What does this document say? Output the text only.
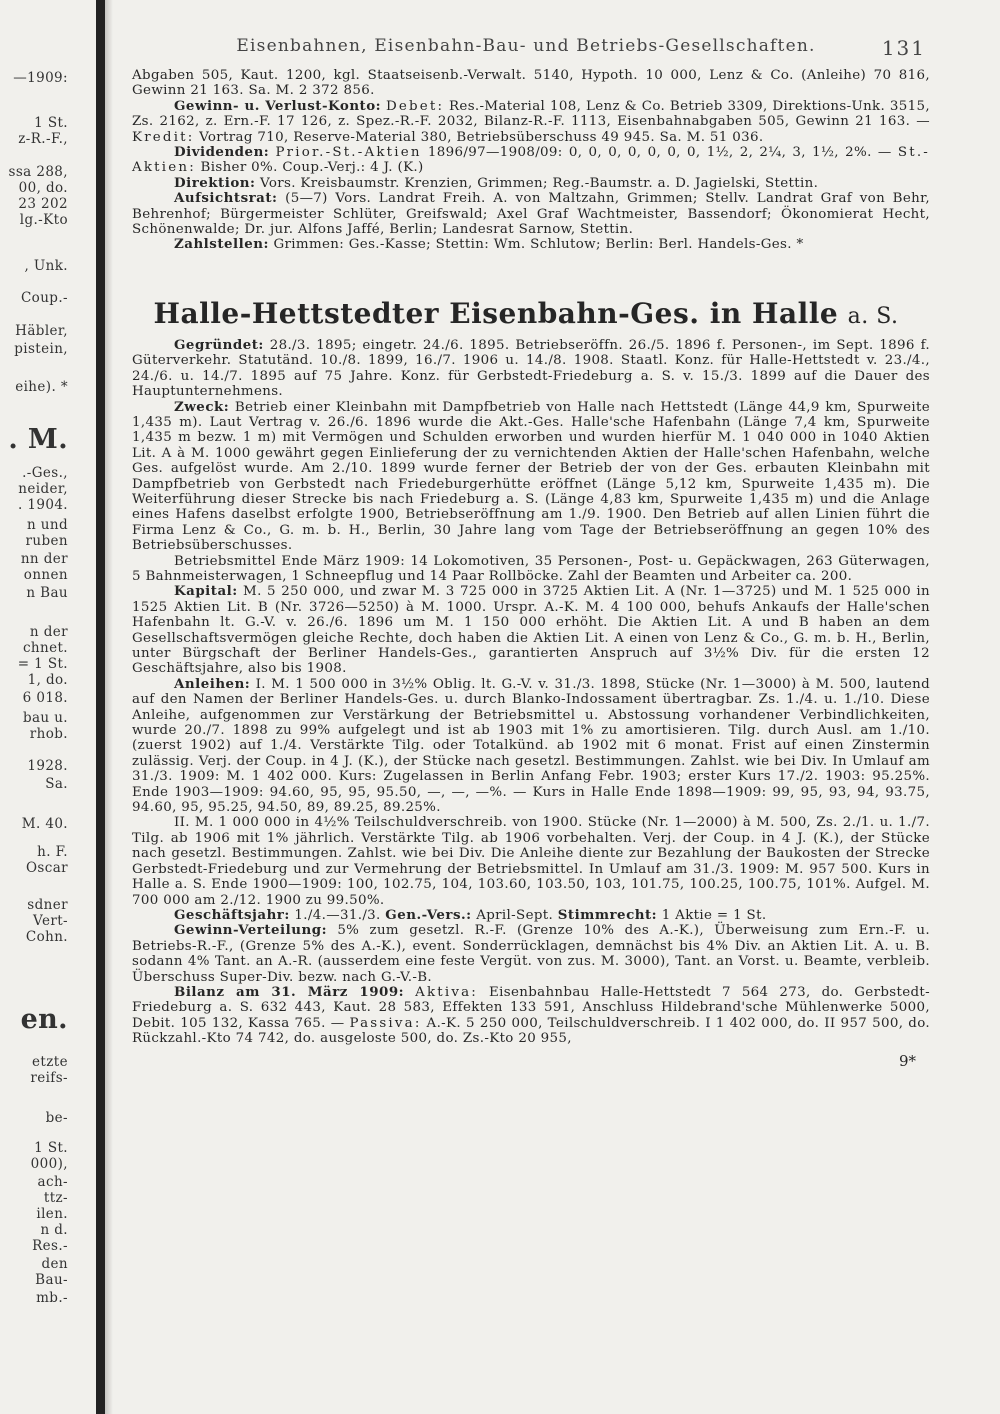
—1909:
1 St.
z-R.-F.,
ssa 288,
00, do.
23 202
lg.-Kto
, Unk.
Coup.-
Häbler,
pistein,
eihe). *
. M.
.-Ges.,
neider,
. 1904.
n und
ruben
nn der
onnen
n Bau
n der
chnet.
= 1 St.
1, do.
6 018.
bau u.
rhob.
1928.
Sa.
M. 40.
h. F.
Oscar
sdner
Vert-
Cohn.
en.
etzte
reifs-
be-
1 St.
000),
ach-
ttz-
ilen.
n d.
Res.-
den
Bau-
mb.-
Eisenbahnen, Eisenbahn-Bau- und Betriebs-Gesellschaften.	131

Abgaben 505, Kaut. 1200, kgl. Staatseisenb.-Verwalt. 5140, Hypoth. 10 000, Lenz & Co. (Anleihe) 70 816, Gewinn 21 163. Sa. M. 2 372 856.

Gewinn- u. Verlust-Konto: Debet: Res.-Material 108, Lenz & Co. Betrieb 3309, Direktions-Unk. 3515, Zs. 2162, z. Ern.-F. 17 126, z. Spez.-R.-F. 2032, Bilanz-R.-F. 1113, Eisenbahnabgaben 505, Gewinn 21 163. — Kredit: Vortrag 710, Reserve-Material 380, Betriebsüberschuss 49 945. Sa. M. 51 036.

Dividenden: Prior.-St.-Aktien 1896/97—1908/09: 0, 0, 0, 0, 0, 0, 0, 1½, 2, 2¼, 3, 1½, 2%. — St.-Aktien: Bisher 0%. Coup.-Verj.: 4 J. (K.)

Direktion: Vors. Kreisbaumstr. Krenzien, Grimmen; Reg.-Baumstr. a. D. Jagielski, Stettin.

Aufsichtsrat: (5—7) Vors. Landrat Freih. A. von Maltzahn, Grimmen; Stellv. Landrat Graf von Behr, Behrenhof; Bürgermeister Schlüter, Greifswald; Axel Graf Wachtmeister, Bassendorf; Ökonomierat Hecht, Schönenwalde; Dr. jur. Alfons Jaffé, Berlin; Landesrat Sarnow, Stettin.

Zahlstellen: Grimmen: Ges.-Kasse; Stettin: Wm. Schlutow; Berlin: Berl. Handels-Ges. *

Halle-Hettstedter Eisenbahn-Ges. in Halle a. S.

Gegründet: 28./3. 1895; eingetr. 24./6. 1895. Betriebseröffn. 26./5. 1896 f. Personen-, im Sept. 1896 f. Güterverkehr. Statutänd. 10./8. 1899, 16./7. 1906 u. 14./8. 1908. Staatl. Konz. für Halle-Hettstedt v. 23./4., 24./6. u. 14./7. 1895 auf 75 Jahre. Konz. für Gerbstedt-Friedeburg a. S. v. 15./3. 1899 auf die Dauer des Hauptunternehmens.

Zweck: Betrieb einer Kleinbahn mit Dampfbetrieb von Halle nach Hettstedt (Länge 44,9 km, Spurweite 1,435 m). Laut Vertrag v. 26./6. 1896 wurde die Akt.-Ges. Halle'sche Hafenbahn (Länge 7,4 km, Spurweite 1,435 m bezw. 1 m) mit Vermögen und Schulden erworben und wurden hierfür M. 1 040 000 in 1040 Aktien Lit. A à M. 1000 gewährt gegen Einlieferung der zu vernichtenden Aktien der Halle'schen Hafenbahn, welche Ges. aufgelöst wurde. Am 2./10. 1899 wurde ferner der Betrieb der von der Ges. erbauten Kleinbahn mit Dampfbetrieb von Gerbstedt nach Friedeburgerhütte eröffnet (Länge 5,12 km, Spurweite 1,435 m). Die Weiterführung dieser Strecke bis nach Friedeburg a. S. (Länge 4,83 km, Spurweite 1,435 m) und die Anlage eines Hafens daselbst erfolgte 1900, Betriebseröffnung am 1./9. 1900. Den Betrieb auf allen Linien führt die Firma Lenz & Co., G. m. b. H., Berlin, 30 Jahre lang vom Tage der Betriebseröffnung an gegen 10% des Betriebsüberschusses.

Betriebsmittel Ende März 1909: 14 Lokomotiven, 35 Personen-, Post- u. Gepäckwagen, 263 Güterwagen, 5 Bahnmeisterwagen, 1 Schneepflug und 14 Paar Rollböcke. Zahl der Beamten und Arbeiter ca. 200.

Kapital: M. 5 250 000, und zwar M. 3 725 000 in 3725 Aktien Lit. A (Nr. 1—3725) und M. 1 525 000 in 1525 Aktien Lit. B (Nr. 3726—5250) à M. 1000. Urspr. A.-K. M. 4 100 000, behufs Ankaufs der Halle'schen Hafenbahn lt. G.-V. v. 26./6. 1896 um M. 1 150 000 erhöht. Die Aktien Lit. A und B haben an dem Gesellschaftsvermögen gleiche Rechte, doch haben die Aktien Lit. A einen von Lenz & Co., G. m. b. H., Berlin, unter Bürgschaft der Berliner Handels-Ges., garantierten Anspruch auf 3½% Div. für die ersten 12 Geschäftsjahre, also bis 1908.

Anleihen: I. M. 1 500 000 in 3½% Oblig. lt. G.-V. v. 31./3. 1898, Stücke (Nr. 1—3000) à M. 500, lautend auf den Namen der Berliner Handels-Ges. u. durch Blanko-Indossament übertragbar. Zs. 1./4. u. 1./10. Diese Anleihe, aufgenommen zur Verstärkung der Betriebsmittel u. Abstossung vorhandener Verbindlichkeiten, wurde 20./7. 1898 zu 99% aufgelegt und ist ab 1903 mit 1% zu amortisieren. Tilg. durch Ausl. am 1./10. (zuerst 1902) auf 1./4. Verstärkte Tilg. oder Totalkünd. ab 1902 mit 6 monat. Frist auf einen Zinstermin zulässig. Verj. der Coup. in 4 J. (K.), der Stücke nach gesetzl. Bestimmungen. Zahlst. wie bei Div. In Umlauf am 31./3. 1909: M. 1 402 000. Kurs: Zugelassen in Berlin Anfang Febr. 1903; erster Kurs 17./2. 1903: 95.25%. Ende 1903—1909: 94.60, 95, 95, 95.50, —, —, —%. — Kurs in Halle Ende 1898—1909: 99, 95, 93, 94, 93.75, 94.60, 95, 95.25, 94.50, 89, 89.25, 89.25%.

II. M. 1 000 000 in 4½% Teilschuldverschreib. von 1900. Stücke (Nr. 1—2000) à M. 500, Zs. 2./1. u. 1./7. Tilg. ab 1906 mit 1% jährlich. Verstärkte Tilg. ab 1906 vorbehalten. Verj. der Coup. in 4 J. (K.), der Stücke nach gesetzl. Bestimmungen. Zahlst. wie bei Div. Die Anleihe diente zur Bezahlung der Baukosten der Strecke Gerbstedt-Friedeburg und zur Vermehrung der Betriebsmittel. In Umlauf am 31./3. 1909: M. 957 500. Kurs in Halle a. S. Ende 1900—1909: 100, 102.75, 104, 103.60, 103.50, 103, 101.75, 100.25, 100.75, 101%. Aufgel. M. 700 000 am 2./12. 1900 zu 99.50%.

Geschäftsjahr: 1./4.—31./3. Gen.-Vers.: April-Sept. Stimmrecht: 1 Aktie = 1 St.

Gewinn-Verteilung: 5% zum gesetzl. R.-F. (Grenze 10% des A.-K.), Überweisung zum Ern.-F. u. Betriebs-R.-F., (Grenze 5% des A.-K.), event. Sonderrücklagen, demnächst bis 4% Div. an Aktien Lit. A. u. B. sodann 4% Tant. an A.-R. (ausserdem eine feste Vergüt. von zus. M. 3000), Tant. an Vorst. u. Beamte, verbleib. Überschuss Super-Div. bezw. nach G.-V.-B.

Bilanz am 31. März 1909: Aktiva: Eisenbahnbau Halle-Hettstedt 7 564 273, do. Gerbstedt-Friedeburg a. S. 632 443, Kaut. 28 583, Effekten 133 591, Anschluss Hildebrand'sche Mühlenwerke 5000, Debit. 105 132, Kassa 765. — Passiva: A.-K. 5 250 000, Teilschuldverschreib. I 1 402 000, do. II 957 500, do. Rückzahl.-Kto 74 742, do. ausgeloste 500, do. Zs.-Kto 20 955,

9*
